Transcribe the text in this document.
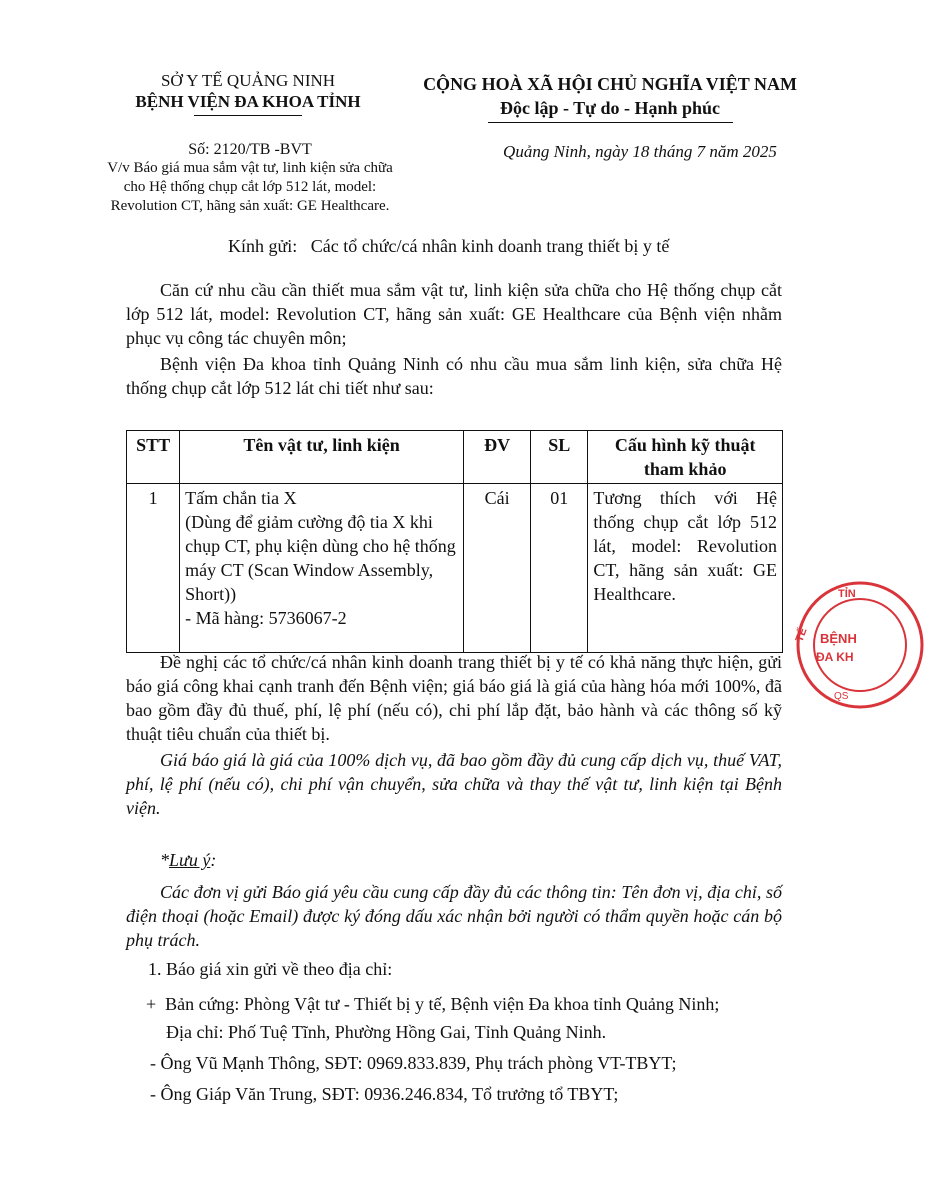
SỞ Y TẾ QUẢNG NINH
BỆNH VIỆN ĐA KHOA TỈNH
CỘNG HOÀ XÃ HỘI CHỦ NGHĨA VIỆT NAM
Độc lập - Tự do - Hạnh phúc
Số: 2120/TB -BVT
V/v Báo giá mua sắm vật tư, linh kiện sửa chữa
cho Hệ thống chụp cắt lớp 512 lát, model:
Revolution CT, hãng sản xuất: GE Healthcare.
Quảng Ninh, ngày 18 tháng 7 năm 2025
Kính gửi:   Các tổ chức/cá nhân kinh doanh trang thiết bị y tế

Căn cứ nhu cầu cần thiết mua sắm vật tư, linh kiện sửa chữa cho Hệ thống chụp cắt lớp 512 lát, model: Revolution CT, hãng sản xuất: GE Healthcare của Bệnh viện nhằm phục vụ công tác chuyên môn;

Bệnh viện Đa khoa tỉnh Quảng Ninh có nhu cầu mua sắm linh kiện, sửa chữa Hệ thống chụp cắt lớp 512 lát chi tiết như sau:

STT	Tên vật tư, linh kiện	ĐV	SL	Cấu hình kỹ thuật tham khảo
1	Tấm chắn tia X
(Dùng để giảm cường độ tia X khi chụp CT, phụ kiện dùng cho hệ thống máy CT (Scan Window Assembly, Short))
- Mã hàng: 5736067-2	Cái	01	Tương thích với Hệ thống chụp cắt lớp 512 lát, model: Revolution CT, hãng sản xuất: GE Healthcare.

Đề nghị các tổ chức/cá nhân kinh doanh trang thiết bị y tế có khả năng thực hiện, gửi báo giá công khai cạnh tranh đến Bệnh viện; giá báo giá là giá của hàng hóa mới 100%, đã bao gồm đầy đủ thuế, phí, lệ phí (nếu có), chi phí lắp đặt, bảo hành và các thông số kỹ thuật tiêu chuẩn của thiết bị.

Giá báo giá là giá của 100% dịch vụ, đã bao gồm đầy đủ cung cấp dịch vụ, thuế VAT, phí, lệ phí (nếu có), chi phí vận chuyển, sửa chữa và thay thế vật tư, linh kiện tại Bệnh viện.

*Lưu ý:

Các đơn vị gửi Báo giá yêu cầu cung cấp đầy đủ các thông tin: Tên đơn vị, địa chỉ, số điện thoại (hoặc Email) được ký đóng dấu xác nhận bởi người có thẩm quyền hoặc cán bộ phụ trách.

1. Báo giá xin gửi về theo địa chỉ:
+  Bản cứng: Phòng Vật tư - Thiết bị y tế, Bệnh viện Đa khoa tỉnh Quảng Ninh;
Địa chỉ: Phố Tuệ Tĩnh, Phường Hồng Gai, Tỉnh Quảng Ninh.
- Ông Vũ Mạnh Thông, SĐT: 0969.833.839, Phụ trách phòng VT-TBYT;
- Ông Giáp Văn Trung, SĐT: 0936.246.834, Tổ trưởng tổ TBYT;
TỈN
TẾ BỆNH
ĐA KH
QS
